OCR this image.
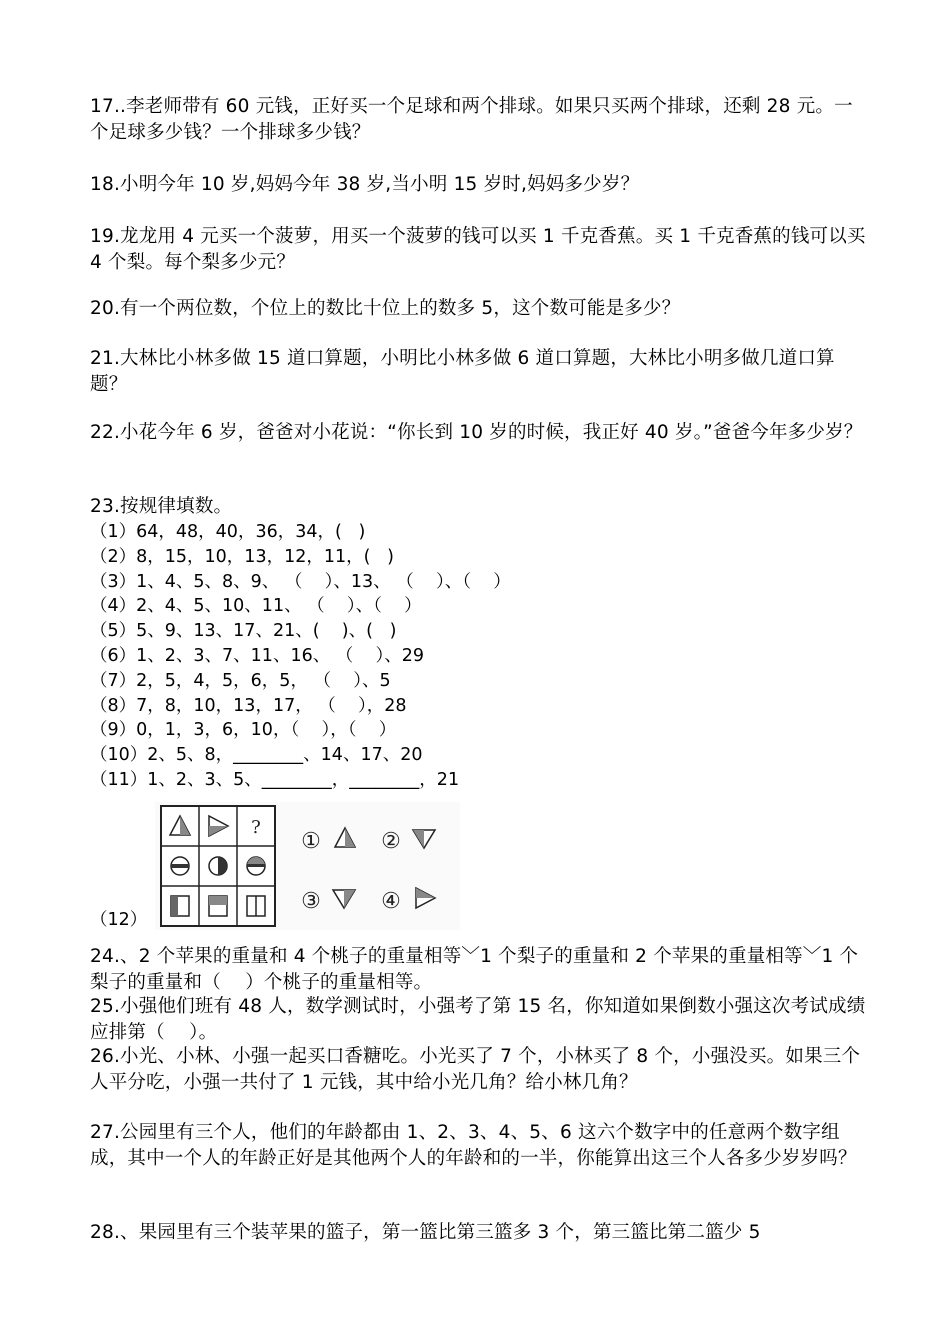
17..李老师带有 60 元钱，正好买一个足球和两个排球。如果只买两个排球，还剩 28 元。一个足球多少钱？一个排球多少钱？
18.小明今年 10 岁,妈妈今年 38 岁,当小明 15 岁时,妈妈多少岁？
19.龙龙用 4 元买一个菠萝，用买一个菠萝的钱可以买 1 千克香蕉。买 1 千克香蕉的钱可以买 4 个梨。每个梨多少元？
20.有一个两位数，个位上的数比十位上的数多 5，这个数可能是多少？
21.大林比小林多做 15 道口算题，小明比小林多做 6 道口算题，大林比小明多做几道口算题？
22.小花今年 6 岁，爸爸对小花说：“你长到 10 岁的时候，我正好 40 岁。”爸爸今年多少岁？
23.按规律填数。
（1）64，48，40，36，34，(   )
（2）8，15，10，13，12，11，(   )
（3）1、4、5、8、9、 （    ）、13、 （    ）、（    ）
（4）2、4、5、10、11、 （    ）、（    ）
（5）5、9、13、17、21、(    )、(   )
（6）1、2、3、7、11、16、 （    ）、29
（7）2，5，4，5，6，5， （    ）、5
（8）7，8，10，13，17， （    ），28
（9）0，1，3，6，10，（    ），（    ）
（10）2、5、8，________、14、17、20
（11）1、2、3、5、________，________，21
（12）
?
①	②
③	④
24.、2 个苹果的重量和 4 个桃子的重量相等﹀1 个梨子的重量和 2 个苹果的重量相等﹀1 个梨子的重量和（    ）个桃子的重量相等。
25.小强他们班有 48 人，数学测试时，小强考了第 15 名，你知道如果倒数小强这次考试成绩应排第（    ）。
26.小光、小林、小强一起买口香糖吃。小光买了 7 个，小林买了 8 个，小强没买。如果三个人平分吃，小强一共付了 1 元钱，其中给小光几角？给小林几角？
27.公园里有三个人，他们的年龄都由 1、2、3、4、5、6 这六个数字中的任意两个数字组成，其中一个人的年龄正好是其他两个人的年龄和的一半，你能算出这三个人各多少岁岁吗？
28.、果园里有三个装苹果的篮子，第一篮比第三篮多 3 个，第三篮比第二篮少 5
